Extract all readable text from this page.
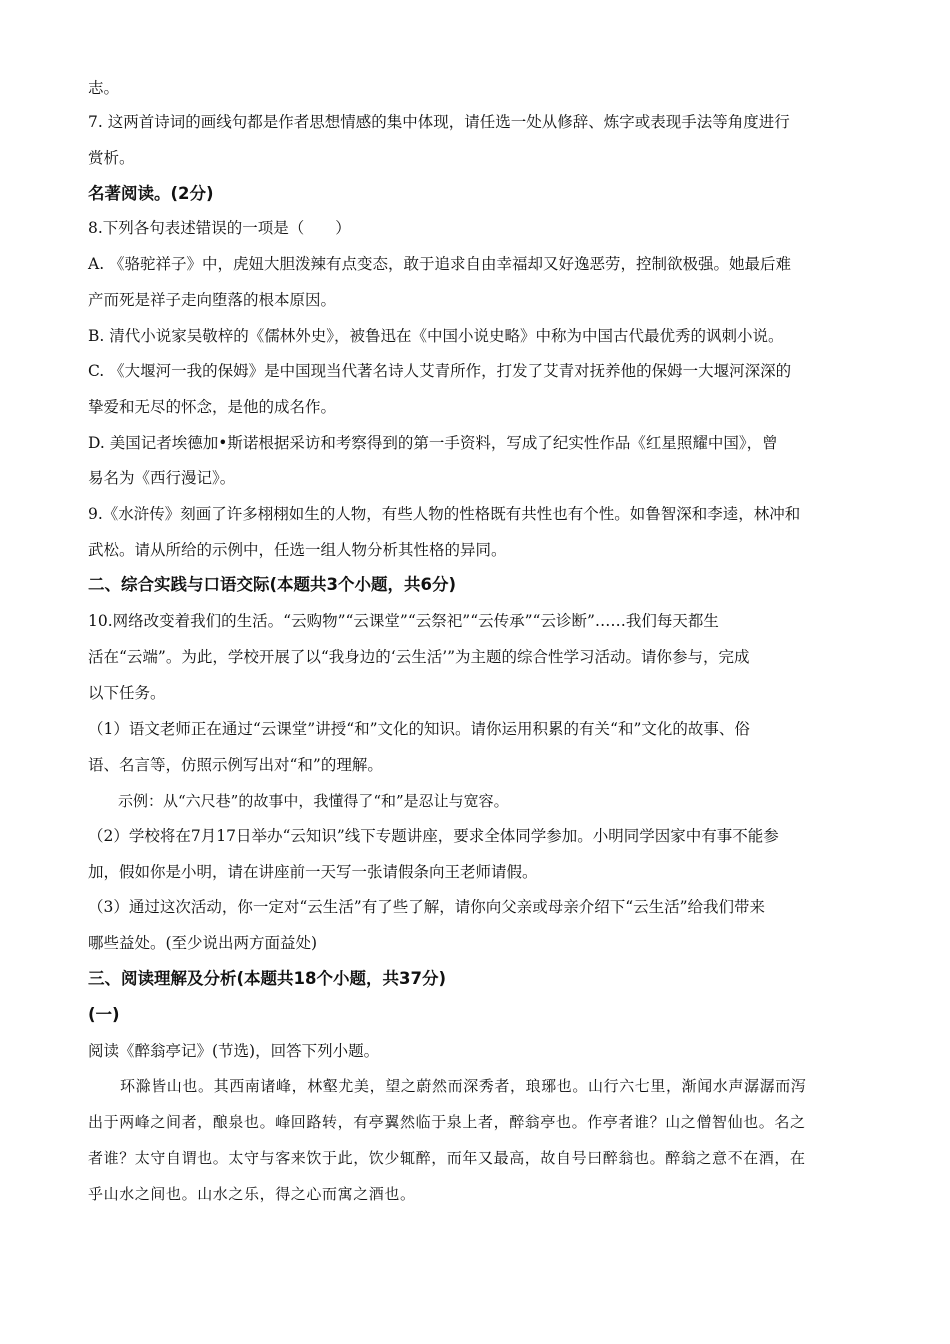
志。
7. 这两首诗词的画线句都是作者思想情感的集中体现，请任选一处从修辞、炼字或表现手法等角度进行
赏析。
名著阅读。(2分)
8.下列各句表述错误的一项是（　　）
A. 《骆驼祥子》中，虎妞大胆泼辣有点变态，敢于追求自由幸福却又好逸恶劳，控制欲极强。她最后难
产而死是祥子走向堕落的根本原因。
B. 清代小说家吴敬梓的《儒林外史》，被鲁迅在《中国小说史略》中称为中国古代最优秀的讽刺小说。
C. 《大堰河一我的保姆》是中国现当代著名诗人艾青所作，打发了艾青对抚养他的保姆一大堰河深深的
挚爱和无尽的怀念，是他的成名作。
D. 美国记者埃德加•斯诺根据采访和考察得到的第一手资料，写成了纪实性作品《红星照耀中国》，曾
易名为《西行漫记》。
9.《水浒传》刻画了许多栩栩如生的人物，有些人物的性格既有共性也有个性。如鲁智深和李逵，林冲和
武松。请从所给的示例中，任选一组人物分析其性格的异同。
二、综合实践与口语交际(本题共3个小题，共6分)
10.网络改变着我们的生活。“云购物”“云课堂”“云祭祀”“云传承”“云诊断”……我们每天都生
活在“云端”。为此，学校开展了以“我身边的‘云生活’”为主题的综合性学习活动。请你参与，完成
以下任务。
（1）语文老师正在通过“云课堂”讲授“和”文化的知识。请你运用积累的有关“和”文化的故事、俗
语、名言等，仿照示例写出对“和”的理解。
示例：从“六尺巷”的故事中，我懂得了“和”是忍让与宽容。
（2）学校将在7月17日举办“云知识”线下专题讲座，要求全体同学参加。小明同学因家中有事不能参
加，假如你是小明，请在讲座前一天写一张请假条向王老师请假。
（3）通过这次活动，你一定对“云生活”有了些了解，请你向父亲或母亲介绍下“云生活”给我们带来
哪些益处。(至少说出两方面益处)
三、阅读理解及分析(本题共18个小题，共37分)
(一)
阅读《醉翁亭记》(节选)，回答下列小题。
环滁皆山也。其西南诸峰，林壑尤美，望之蔚然而深秀者，琅琊也。山行六七里，渐闻水声潺潺而泻
出于两峰之间者，酿泉也。峰回路转，有亭翼然临于泉上者，醉翁亭也。作亭者谁？山之僧智仙也。名之
者谁？太守自谓也。太守与客来饮于此，饮少辄醉，而年又最高，故自号曰醉翁也。醉翁之意不在酒，在
乎山水之间也。山水之乐，得之心而寓之酒也。
